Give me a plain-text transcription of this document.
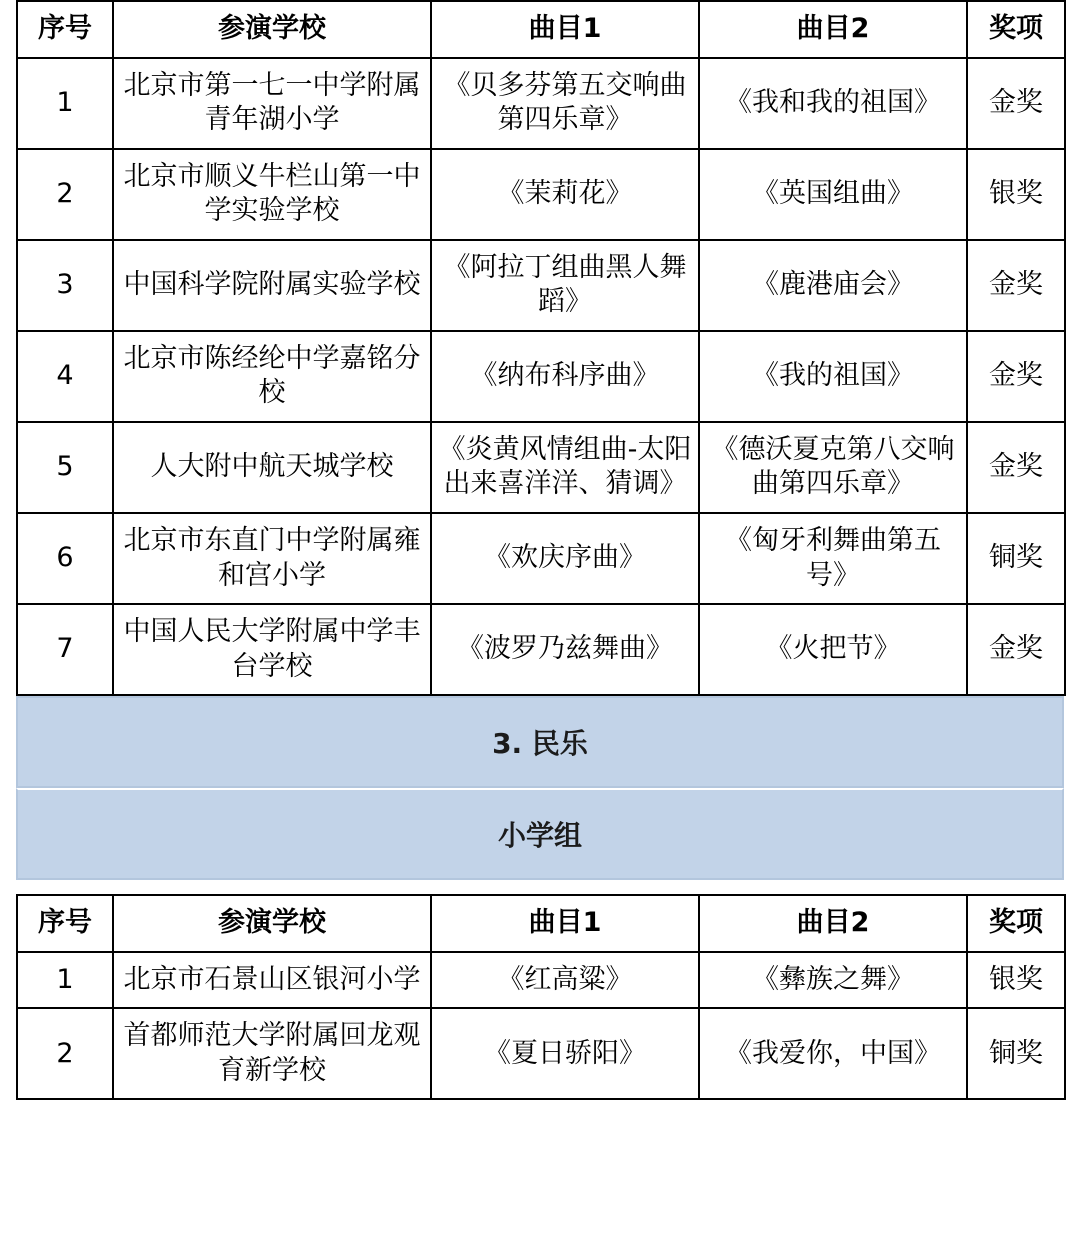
序号	参演学校	曲目1	曲目2	奖项
1	北京市第一七一中学附属青年湖小学	《贝多芬第五交响曲第四乐章》	《我和我的祖国》	金奖
2	北京市顺义牛栏山第一中学实验学校	《茉莉花》	《英国组曲》	银奖
3	中国科学院附属实验学校	《阿拉丁组曲黑人舞蹈》	《鹿港庙会》	金奖
4	北京市陈经纶中学嘉铭分校	《纳布科序曲》	《我的祖国》	金奖
5	人大附中航天城学校	《炎黄风情组曲-太阳出来喜洋洋、猜调》	《德沃夏克第八交响曲第四乐章》	金奖
6	北京市东直门中学附属雍和宫小学	《欢庆序曲》	《匈牙利舞曲第五号》	铜奖
7	中国人民大学附属中学丰台学校	《波罗乃兹舞曲》	《火把节》	金奖
3. 民乐
小学组
序号	参演学校	曲目1	曲目2	奖项
1	北京市石景山区银河小学	《红高粱》	《彝族之舞》	银奖
2	首都师范大学附属回龙观育新学校	《夏日骄阳》	《我爱你，中国》	铜奖
